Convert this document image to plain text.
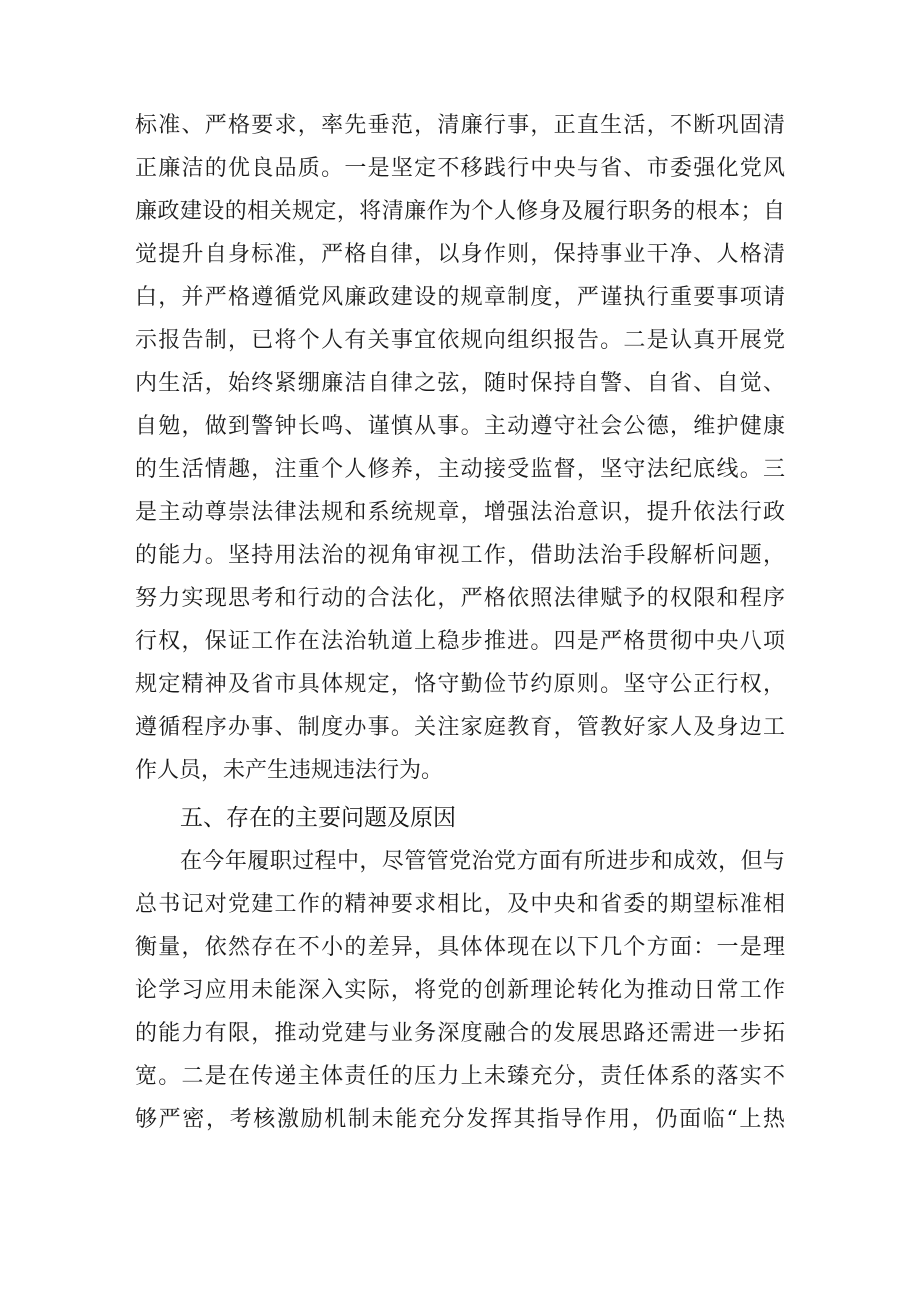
标准、严格要求，率先垂范，清廉行事，正直生活，不断巩固清
正廉洁的优良品质。一是坚定不移践行中央与省、市委强化党风
廉政建设的相关规定，将清廉作为个人修身及履行职务的根本；自
觉提升自身标准，严格自律，以身作则，保持事业干净、人格清
白，并严格遵循党风廉政建设的规章制度，严谨执行重要事项请
示报告制，已将个人有关事宜依规向组织报告。二是认真开展党
内生活，始终紧绷廉洁自律之弦，随时保持自警、自省、自觉、
自勉，做到警钟长鸣、谨慎从事。主动遵守社会公德，维护健康
的生活情趣，注重个人修养，主动接受监督，坚守法纪底线。三
是主动尊崇法律法规和系统规章，增强法治意识，提升依法行政
的能力。坚持用法治的视角审视工作，借助法治手段解析问题，
努力实现思考和行动的合法化，严格依照法律赋予的权限和程序
行权，保证工作在法治轨道上稳步推进。四是严格贯彻中央八项
规定精神及省市具体规定，恪守勤俭节约原则。坚守公正行权，
遵循程序办事、制度办事。关注家庭教育，管教好家人及身边工
作人员，未产生违规违法行为。
五、存在的主要问题及原因
在今年履职过程中，尽管管党治党方面有所进步和成效，但与
总书记对党建工作的精神要求相比，及中央和省委的期望标准相
衡量，依然存在不小的差异，具体体现在以下几个方面：一是理
论学习应用未能深入实际，将党的创新理论转化为推动日常工作
的能力有限，推动党建与业务深度融合的发展思路还需进一步拓
宽。二是在传递主体责任的压力上未臻充分，责任体系的落实不
够严密，考核激励机制未能充分发挥其指导作用，仍面临“上热
